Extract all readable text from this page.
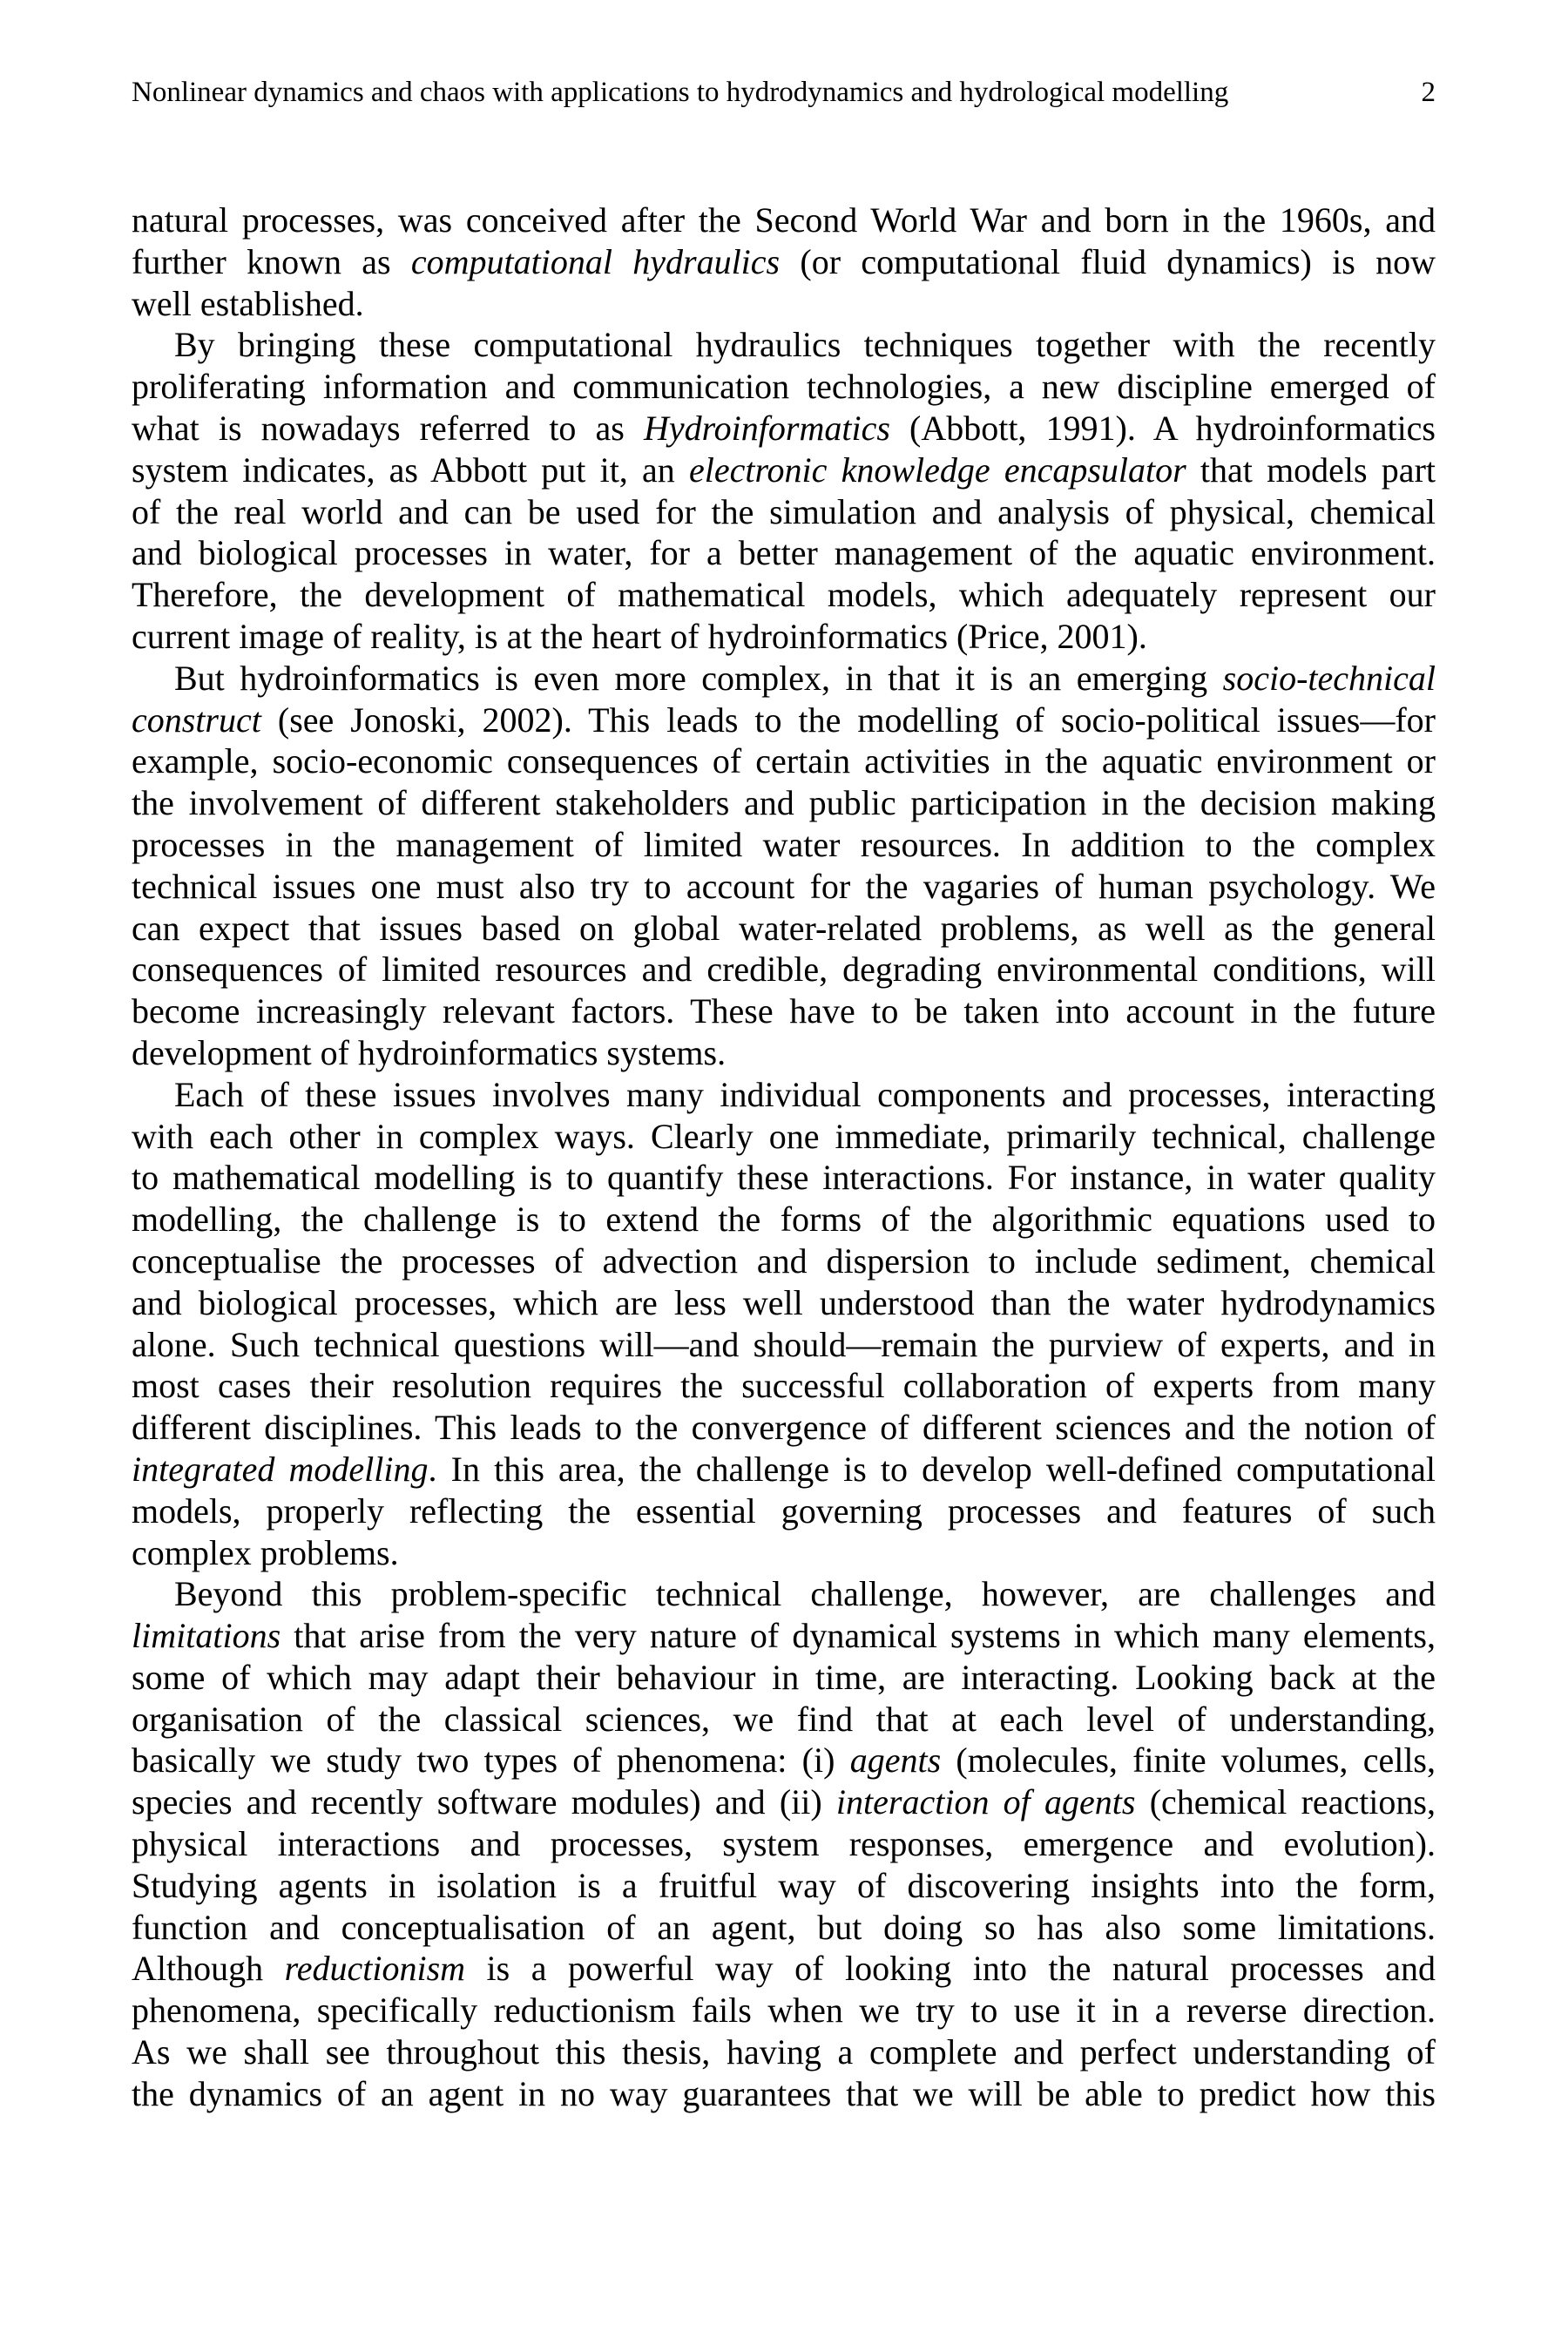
Nonlinear dynamics and chaos with applications to hydrodynamics and hydrological modelling	2
natural processes, was conceived after the Second World War and born in the 1960s, and
further known as computational hydraulics (or computational fluid dynamics) is now
well established.
By bringing these computational hydraulics techniques together with the recently
proliferating information and communication technologies, a new discipline emerged of
what is nowadays referred to as Hydroinformatics (Abbott, 1991). A hydroinformatics
system indicates, as Abbott put it, an electronic knowledge encapsulator that models part
of the real world and can be used for the simulation and analysis of physical, chemical
and biological processes in water, for a better management of the aquatic environment.
Therefore, the development of mathematical models, which adequately represent our
current image of reality, is at the heart of hydroinformatics (Price, 2001).
But hydroinformatics is even more complex, in that it is an emerging socio-technical
construct (see Jonoski, 2002). This leads to the modelling of socio-political issues—for
example, socio-economic consequences of certain activities in the aquatic environment or
the involvement of different stakeholders and public participation in the decision making
processes in the management of limited water resources. In addition to the complex
technical issues one must also try to account for the vagaries of human psychology. We
can expect that issues based on global water-related problems, as well as the general
consequences of limited resources and credible, degrading environmental conditions, will
become increasingly relevant factors. These have to be taken into account in the future
development of hydroinformatics systems.
Each of these issues involves many individual components and processes, interacting
with each other in complex ways. Clearly one immediate, primarily technical, challenge
to mathematical modelling is to quantify these interactions. For instance, in water quality
modelling, the challenge is to extend the forms of the algorithmic equations used to
conceptualise the processes of advection and dispersion to include sediment, chemical
and biological processes, which are less well understood than the water hydrodynamics
alone. Such technical questions will—and should—remain the purview of experts, and in
most cases their resolution requires the successful collaboration of experts from many
different disciplines. This leads to the convergence of different sciences and the notion of
integrated modelling. In this area, the challenge is to develop well-defined computational
models, properly reflecting the essential governing processes and features of such
complex problems.
Beyond this problem-specific technical challenge, however, are challenges and
limitations that arise from the very nature of dynamical systems in which many elements,
some of which may adapt their behaviour in time, are interacting. Looking back at the
organisation of the classical sciences, we find that at each level of understanding,
basically we study two types of phenomena: (i) agents (molecules, finite volumes, cells,
species and recently software modules) and (ii) interaction of agents (chemical reactions,
physical interactions and processes, system responses, emergence and evolution).
Studying agents in isolation is a fruitful way of discovering insights into the form,
function and conceptualisation of an agent, but doing so has also some limitations.
Although reductionism is a powerful way of looking into the natural processes and
phenomena, specifically reductionism fails when we try to use it in a reverse direction.
As we shall see throughout this thesis, having a complete and perfect understanding of
the dynamics of an agent in no way guarantees that we will be able to predict how this
